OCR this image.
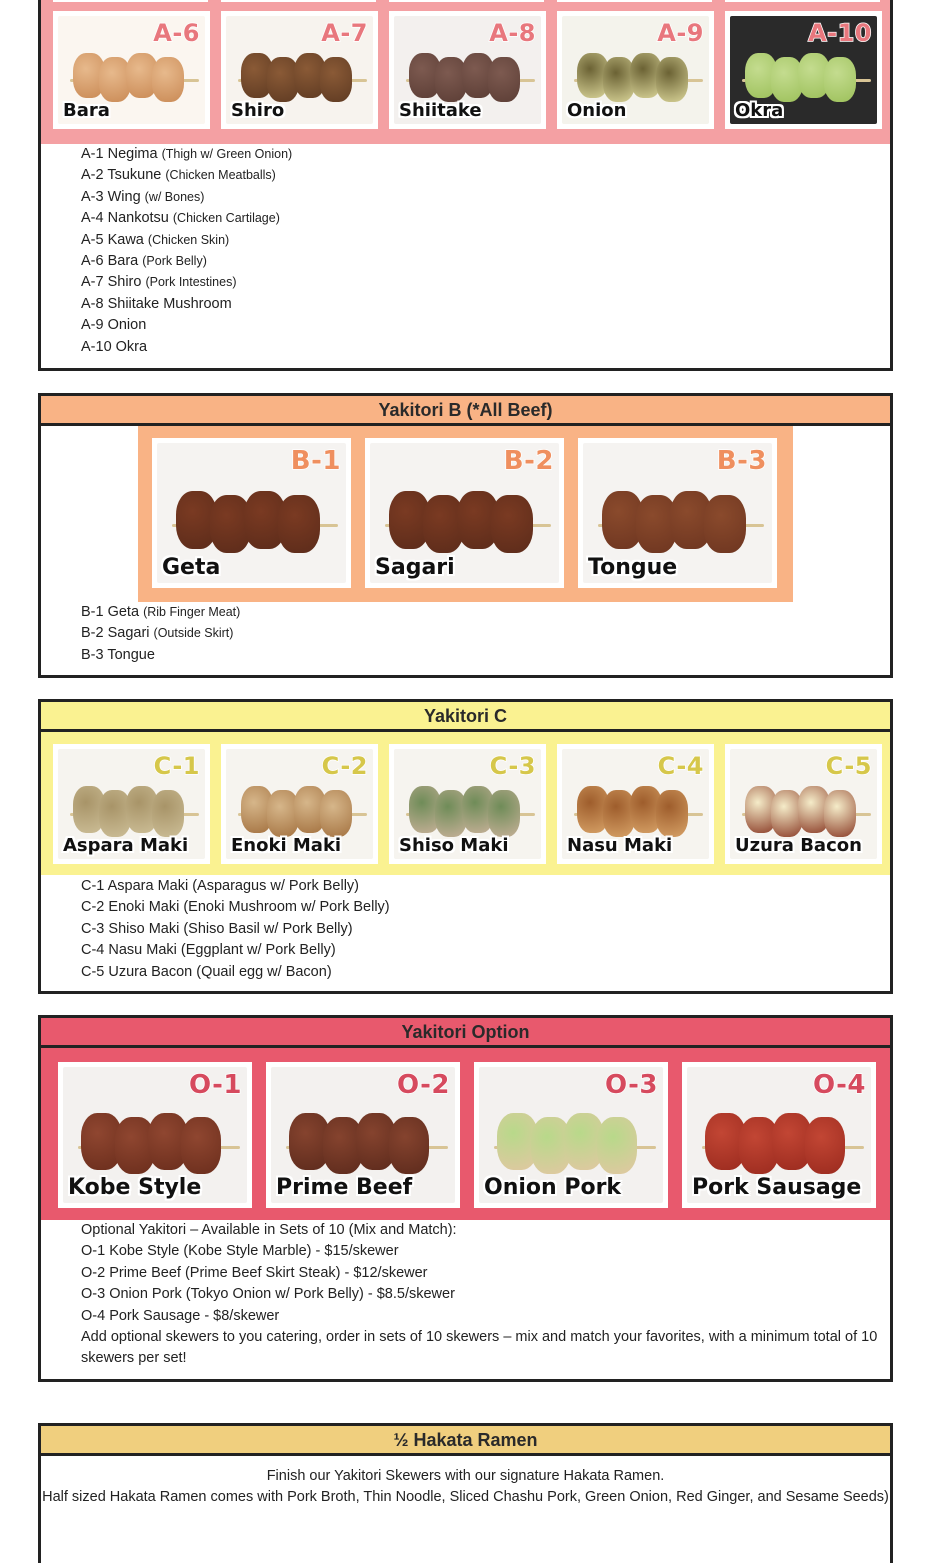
A-6
Bara
A-7
Shiro
A-8
Shiitake
A-9
Onion
A-10
Okra
A-1 Negima (Thigh w/ Green Onion)
A-2 Tsukune (Chicken Meatballs)
A-3 Wing (w/ Bones)
A-4 Nankotsu (Chicken Cartilage)
A-5 Kawa (Chicken Skin)
A-6 Bara (Pork Belly)
A-7 Shiro (Pork Intestines)
A-8 Shiitake Mushroom
A-9 Onion
A-10 Okra
Yakitori B (*All Beef)
B-1
Geta
B-2
Sagari
B-3
Tongue
B-1 Geta (Rib Finger Meat)
B-2 Sagari (Outside Skirt)
B-3 Tongue
Yakitori C
C-1
Aspara Maki
C-2
Enoki Maki
C-3
Shiso Maki
C-4
Nasu Maki
C-5
Uzura Bacon
C-1 Aspara Maki (Asparagus w/ Pork Belly)
C-2 Enoki Maki (Enoki Mushroom w/ Pork Belly)
C-3 Shiso Maki (Shiso Basil w/ Pork Belly)
C-4 Nasu Maki (Eggplant w/ Pork Belly)
C-5 Uzura Bacon (Quail egg w/ Bacon)
Yakitori Option
O-1
Kobe Style
O-2
Prime Beef
O-3
Onion Pork
O-4
Pork Sausage
Optional Yakitori – Available in Sets of 10 (Mix and Match):
O-1 Kobe Style (Kobe Style Marble) - $15/skewer
O-2 Prime Beef (Prime Beef Skirt Steak) - $12/skewer
O-3 Onion Pork (Tokyo Onion w/ Pork Belly) - $8.5/skewer
O-4 Pork Sausage - $8/skewer
Add optional skewers to you catering, order in sets of 10 skewers – mix and match your favorites, with a minimum total of 10 skewers per set!
½ Hakata Ramen
Finish our Yakitori Skewers with our signature Hakata Ramen.
Half sized Hakata Ramen comes with Pork Broth, Thin Noodle, Sliced Chashu Pork, Green Onion, Red Ginger, and Sesame Seeds)
